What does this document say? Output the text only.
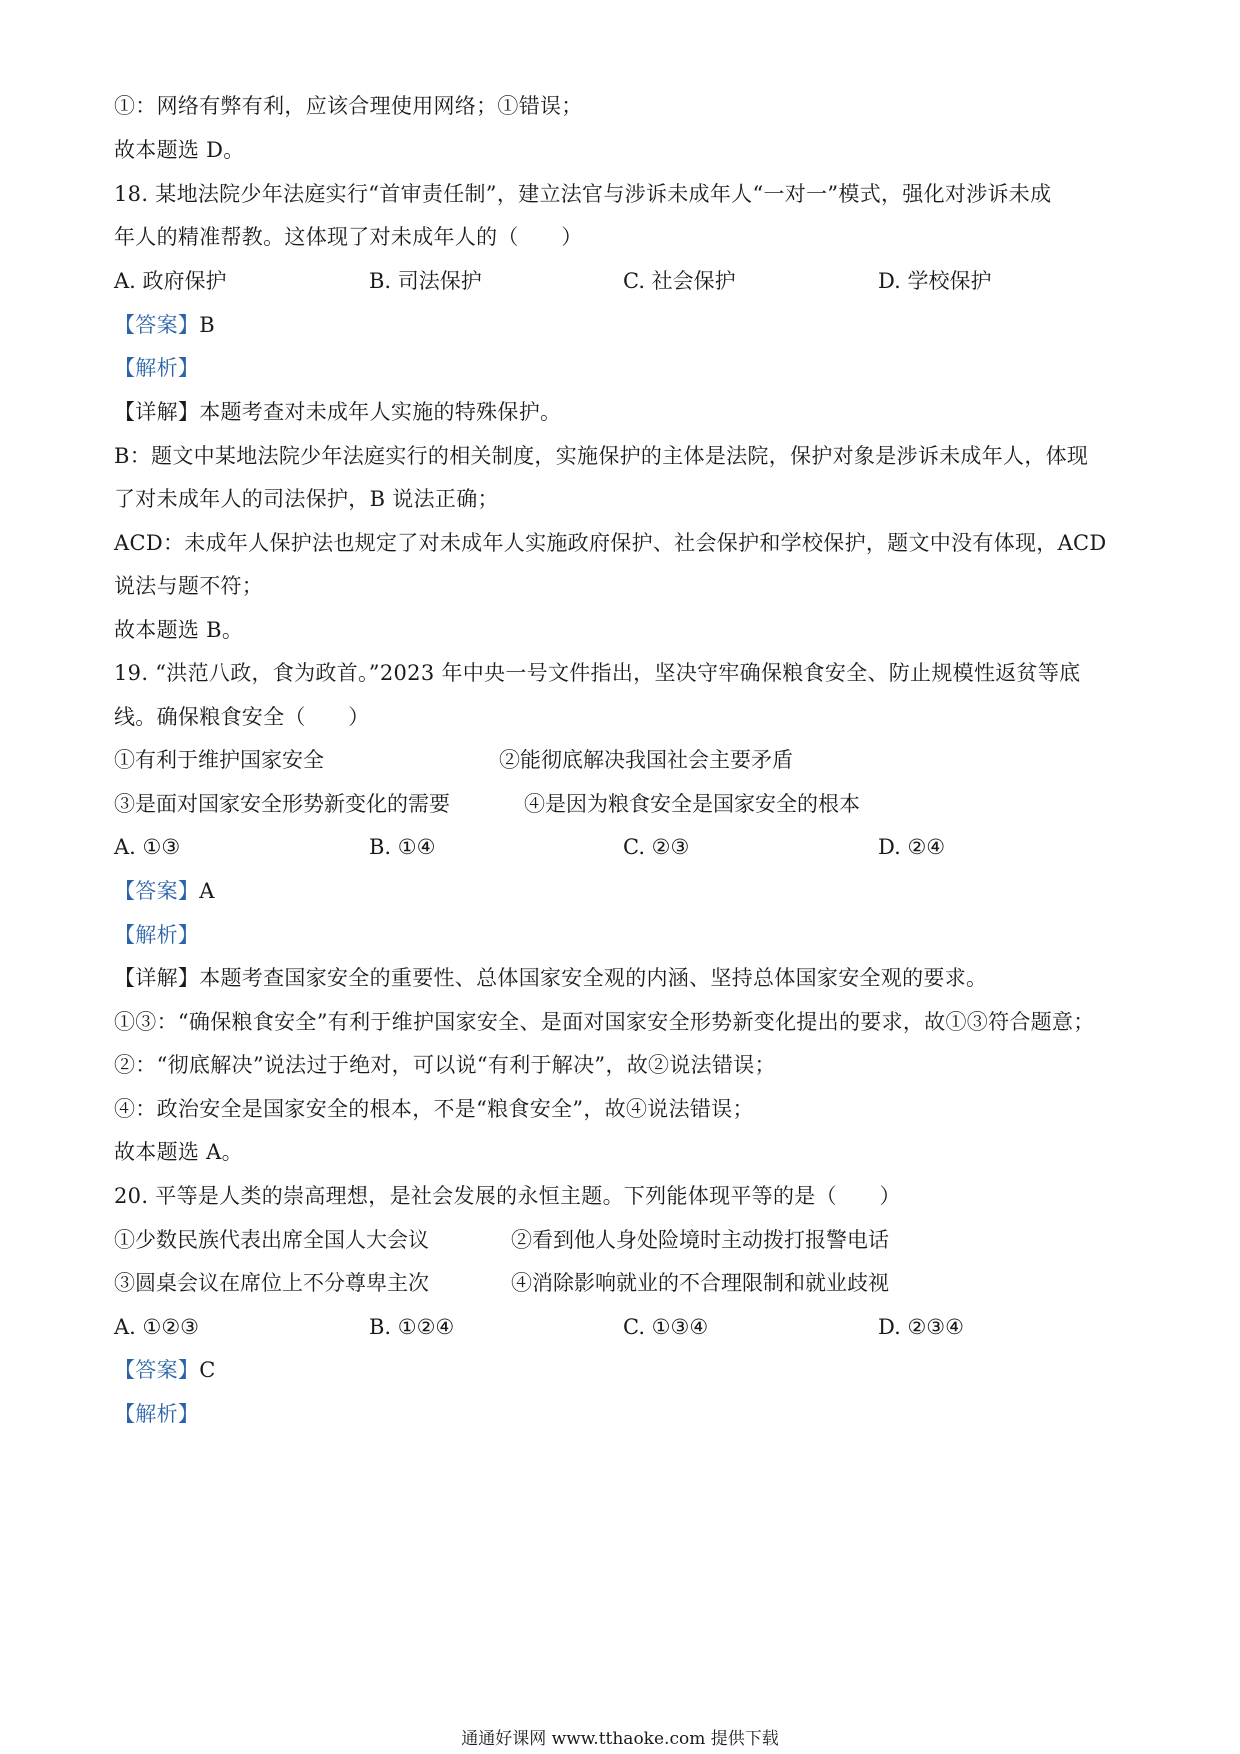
①：网络有弊有利，应该合理使用网络；①错误；
故本题选 D。
18. 某地法院少年法庭实行“首审责任制”，建立法官与涉诉未成年人“一对一”模式，强化对涉诉未成
年人的精准帮教。这体现了对未成年人的（　　）
A. 政府保护	B. 司法保护	C. 社会保护	D. 学校保护
【答案】B
【解析】
【详解】本题考查对未成年人实施的特殊保护。
B：题文中某地法院少年法庭实行的相关制度，实施保护的主体是法院，保护对象是涉诉未成年人，体现
了对未成年人的司法保护，B 说法正确；
ACD：未成年人保护法也规定了对未成年人实施政府保护、社会保护和学校保护，题文中没有体现，ACD
说法与题不符；
故本题选 B。
19. “洪范八政，食为政首。”2023 年中央一号文件指出，坚决守牢确保粮食安全、防止规模性返贫等底
线。确保粮食安全（　　）
①有利于维护国家安全	②能彻底解决我国社会主要矛盾
③是面对国家安全形势新变化的需要	④是因为粮食安全是国家安全的根本
A. ①③	B. ①④	C. ②③	D. ②④
【答案】A
【解析】
【详解】本题考查国家安全的重要性、总体国家安全观的内涵、坚持总体国家安全观的要求。
①③：“确保粮食安全”有利于维护国家安全、是面对国家安全形势新变化提出的要求，故①③符合题意；
②：“彻底解决”说法过于绝对，可以说“有利于解决”，故②说法错误；
④：政治安全是国家安全的根本，不是“粮食安全”，故④说法错误；
故本题选 A。
20. 平等是人类的崇高理想，是社会发展的永恒主题。下列能体现平等的是（　　）
①少数民族代表出席全国人大会议	②看到他人身处险境时主动拨打报警电话
③圆桌会议在席位上不分尊卑主次	④消除影响就业的不合理限制和就业歧视
A. ①②③	B. ①②④	C. ①③④	D. ②③④
【答案】C
【解析】
通通好课网 www.tthaoke.com 提供下载
